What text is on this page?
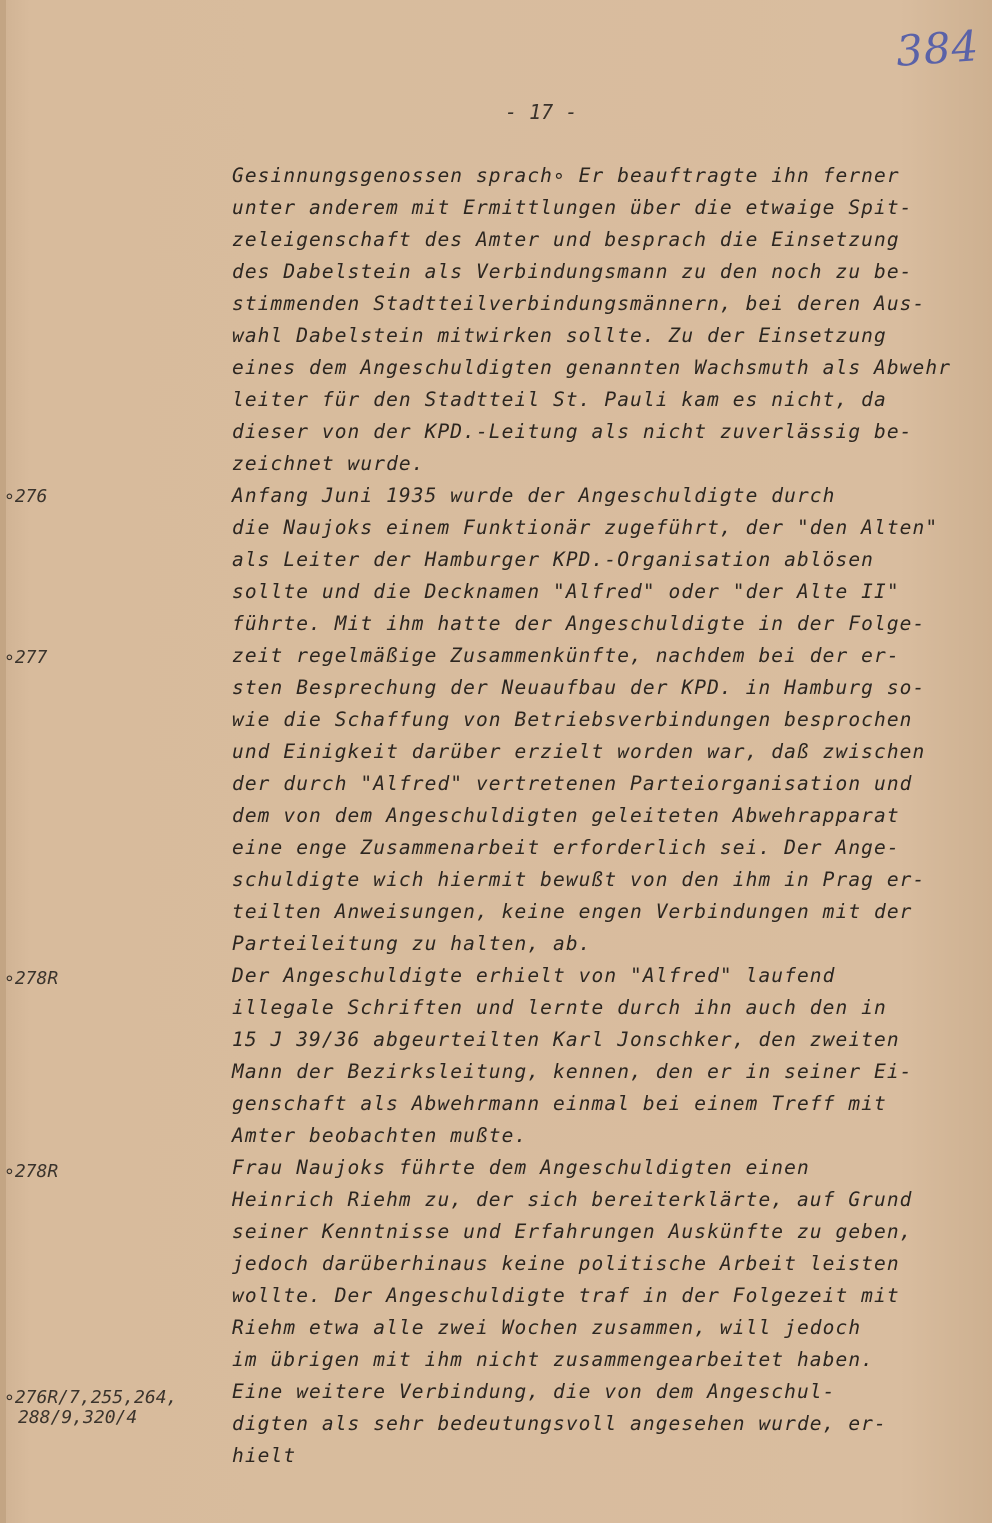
384
- 17 -
∘276
∘277
∘278R
∘278R
∘276R/7,255,264,
288/9,320/4
Gesinnungsgenossen sprach∘ Er beauftragte ihn ferner
unter anderem mit Ermittlungen über die etwaige Spit-
zeleigenschaft des Amter und besprach die Einsetzung
des Dabelstein als Verbindungsmann zu den noch zu be-
stimmenden Stadtteilverbindungsmännern, bei deren Aus-
wahl Dabelstein mitwirken sollte. Zu der Einsetzung
eines dem Angeschuldigten genannten Wachsmuth als Abwehr
leiter für den Stadtteil St. Pauli kam es nicht, da
dieser von der KPD.-Leitung als nicht zuverlässig be-
zeichnet wurde.
Anfang Juni 1935 wurde der Angeschuldigte durch
die Naujoks einem Funktionär zugeführt, der "den Alten"
als Leiter der Hamburger KPD.-Organisation ablösen
sollte und die Decknamen "Alfred" oder "der Alte II"
führte. Mit ihm hatte der Angeschuldigte in der Folge-
zeit regelmäßige Zusammenkünfte, nachdem bei der er-
sten Besprechung der Neuaufbau der KPD. in Hamburg so-
wie die Schaffung von Betriebsverbindungen besprochen
und Einigkeit darüber erzielt worden war, daß zwischen
der durch "Alfred" vertretenen Parteiorganisation und
dem von dem Angeschuldigten geleiteten Abwehrapparat
eine enge Zusammenarbeit erforderlich sei. Der Ange-
schuldigte wich hiermit bewußt von den ihm in Prag er-
teilten Anweisungen, keine engen Verbindungen mit der
Parteileitung zu halten, ab.
Der Angeschuldigte erhielt von "Alfred" laufend
illegale Schriften und lernte durch ihn auch den in
15 J 39/36 abgeurteilten Karl Jonschker, den zweiten
Mann der Bezirksleitung, kennen, den er in seiner Ei-
genschaft als Abwehrmann einmal bei einem Treff mit
Amter beobachten mußte.
Frau Naujoks führte dem Angeschuldigten einen
Heinrich Riehm zu, der sich bereiterklärte, auf Grund
seiner Kenntnisse und Erfahrungen Auskünfte zu geben,
jedoch darüberhinaus keine politische Arbeit leisten
wollte. Der Angeschuldigte traf in der Folgezeit mit
Riehm etwa alle zwei Wochen zusammen, will jedoch
im übrigen mit ihm nicht zusammengearbeitet haben.
Eine weitere Verbindung, die von dem Angeschul-
digten als sehr bedeutungsvoll angesehen wurde, er-
hielt
